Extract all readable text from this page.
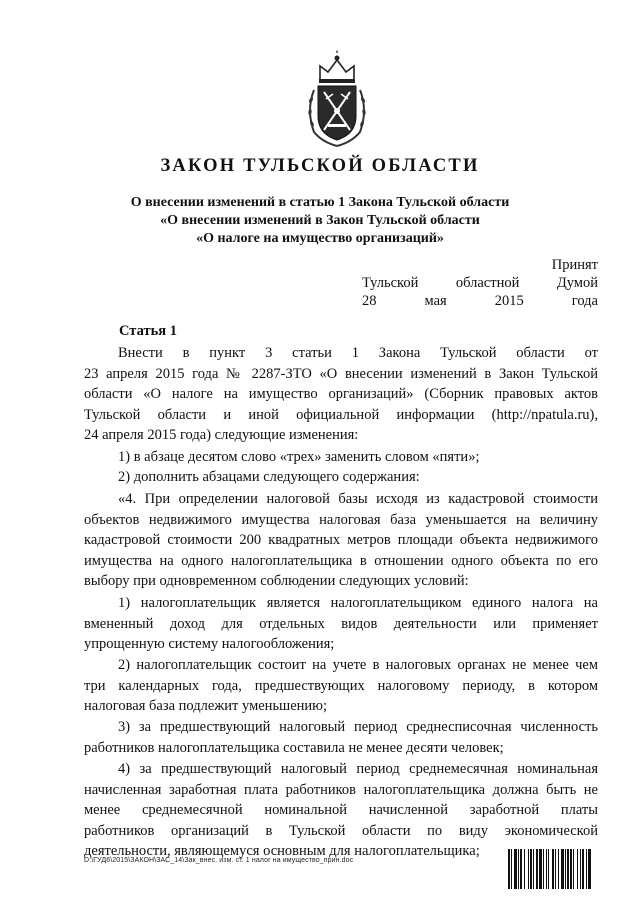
ЗАКОН ТУЛЬСКОЙ ОБЛАСТИ
О внесении изменений в статью 1 Закона Тульской области
«О внесении изменений в Закон Тульской области
«О налоге на имущество организаций»
Принят
Тульской	областной	Думой
28	мая	2015	года
Статья 1
Внести в пункт 3 статьи 1 Закона Тульской области от
23 апреля 2015 года № 2287-ЗТО «О внесении изменений в Закон Тульской
области «О налоге на имущество организаций» (Сборник правовых актов
Тульской области и иной официальной информации (http://npatula.ru),
24 апреля 2015 года) следующие изменения:
1) в абзаце десятом слово «трех» заменить словом «пяти»;
2) дополнить абзацами следующего содержания:
«4. При определении налоговой базы исходя из кадастровой стоимости
объектов недвижимого имущества налоговая база уменьшается на величину
кадастровой стоимости 200 квадратных метров площади объекта недвижимого
имущества на одного налогоплательщика в отношении одного объекта по его
выбору при одновременном соблюдении следующих условий:
1) налогоплательщик является налогоплательщиком единого налога на
вмененный доход для отдельных видов деятельности или применяет
упрощенную систему налогообложения;
2) налогоплательщик состоит на учете в налоговых органах не менее чем
три календарных года, предшествующих налоговому периоду, в котором
налоговая база подлежит уменьшению;
3) за предшествующий налоговый период среднесписочная численность
работников налогоплательщика составила не менее десяти человек;
4) за предшествующий налоговый период среднемесячная номинальная
начисленная заработная плата работников налогоплательщика должна быть не
менее среднемесячной номинальной начисленной заработной платы
работников организаций в Тульской области по виду экономической
деятельности, являющемуся основным для налогоплательщика;
D:\ГУД6\2015\ЗАКОН\ЗАС_14\Зак_внес. изм. ст. 1 налог на имущество_прин.doc
